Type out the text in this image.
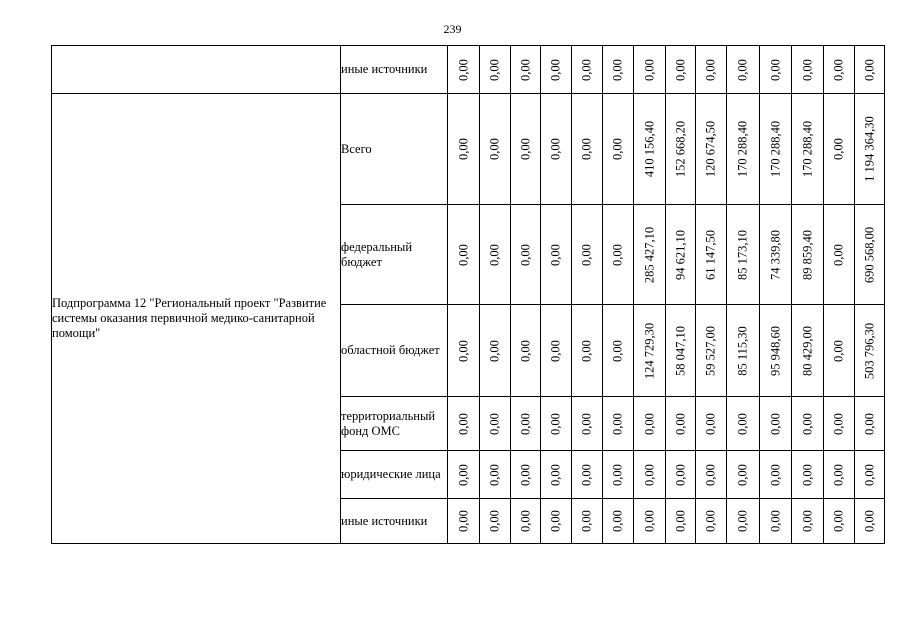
239
	иные источники	0,00	0,00	0,00	0,00	0,00	0,00	0,00	0,00	0,00	0,00	0,00	0,00	0,00	0,00

Подпрограмма 12 "Региональный проект "Развитие системы оказания первичной медико-санитарной помощи"	Всего	0,00	0,00	0,00	0,00	0,00	0,00	410 156,40	152 668,20	120 674,50	170 288,40	170 288,40	170 288,40	0,00	1 194 364,30

	федеральный бюджет	0,00	0,00	0,00	0,00	0,00	0,00	285 427,10	94 621,10	61 147,50	85 173,10	74 339,80	89 859,40	0,00	690 568,00

	областной бюджет	0,00	0,00	0,00	0,00	0,00	0,00	124 729,30	58 047,10	59 527,00	85 115,30	95 948,60	80 429,00	0,00	503 796,30

	территориальный фонд ОМС	0,00	0,00	0,00	0,00	0,00	0,00	0,00	0,00	0,00	0,00	0,00	0,00	0,00	0,00

	юридические лица	0,00	0,00	0,00	0,00	0,00	0,00	0,00	0,00	0,00	0,00	0,00	0,00	0,00	0,00

	иные источники	0,00	0,00	0,00	0,00	0,00	0,00	0,00	0,00	0,00	0,00	0,00	0,00	0,00	0,00
